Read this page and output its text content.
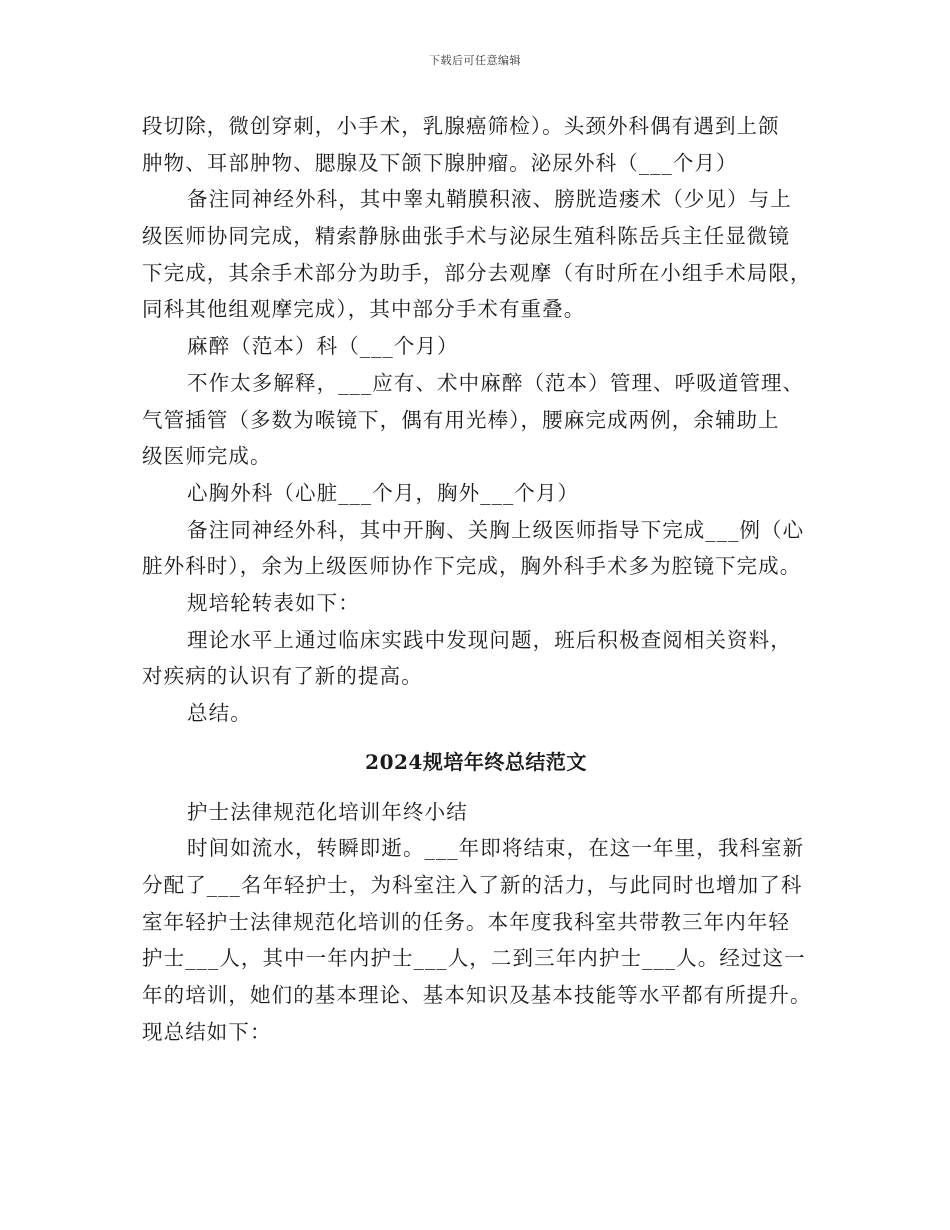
下载后可任意编辑
段切除，微创穿刺，小手术，乳腺癌筛检）。头颈外科偶有遇到上颌
肿物、耳部肿物、腮腺及下颌下腺肿瘤。泌尿外科（___个月）
备注同神经外科，其中睾丸鞘膜积液、膀胱造瘘术（少见）与上
级医师协同完成，精索静脉曲张手术与泌尿生殖科陈岳兵主任显微镜
下完成，其余手术部分为助手，部分去观摩（有时所在小组手术局限，
同科其他组观摩完成），其中部分手术有重叠。
麻醉（范本）科（___个月）
不作太多解释，___应有、术中麻醉（范本）管理、呼吸道管理、
气管插管（多数为喉镜下，偶有用光棒），腰麻完成两例，余辅助上
级医师完成。
心胸外科（心脏___个月，胸外___个月）
备注同神经外科，其中开胸、关胸上级医师指导下完成___例（心
脏外科时），余为上级医师协作下完成，胸外科手术多为腔镜下完成。
规培轮转表如下：
理论水平上通过临床实践中发现问题，班后积极查阅相关资料，
对疾病的认识有了新的提高。
总结。
2024规培年终总结范文
护士法律规范化培训年终小结
时间如流水，转瞬即逝。___年即将结束，在这一年里，我科室新
分配了___名年轻护士，为科室注入了新的活力，与此同时也增加了科
室年轻护士法律规范化培训的任务。本年度我科室共带教三年内年轻
护士___人，其中一年内护士___人，二到三年内护士___人。经过这一
年的培训，她们的基本理论、基本知识及基本技能等水平都有所提升。
现总结如下：
